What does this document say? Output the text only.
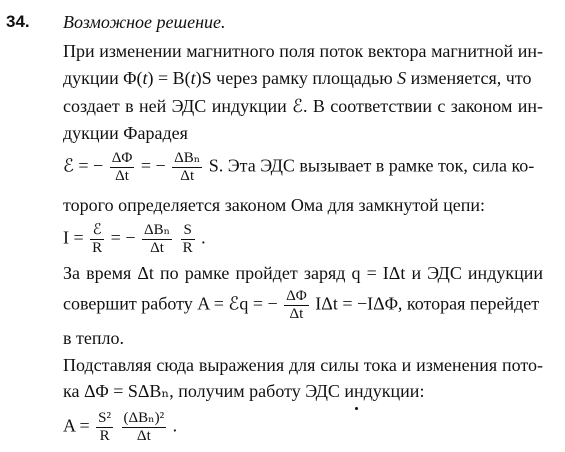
34. Возможное решение.
При изменении магнитного поля поток вектора магнитной ин-
дукции Φ(t) = B(t)S через рамку площадью S изменяется, что
создает в ней ЭДС индукции ℰ. В соответствии с законом ин-
дукции Фарадея
ℰ = − $\frac{\Delta\Phi}{\Delta t}$ = − $\frac{\text{ΔBₙ}}{\Delta t} S$. Эта ЭДС вызывает в рамке ток, сила ко-
торого определяется законом Ома для замкнутой цепи:
$I = \frac{\text{ℰ}}{R}$ = − $\frac{\text{ΔBₙ}}{\Delta t}$
$\frac{S}{R}$ .
За время Δt по рамке пройдет заряд q = IΔt и ЭДС индукции
совершит работу A = ℰq = − $\frac{\Delta\Phi}{\Delta t}$ IΔt = −IΔΦ, которая перейдет
в тепло.
Подставляя сюда выражения для силы тока и изменения пото-
ка ΔΦ = SΔBₙ, получим работу ЭДС индукции:
$A = \frac{\text{S²}}{R}$
$\frac{\text{(ΔBₙ)²}}{\Delta t}$ .
